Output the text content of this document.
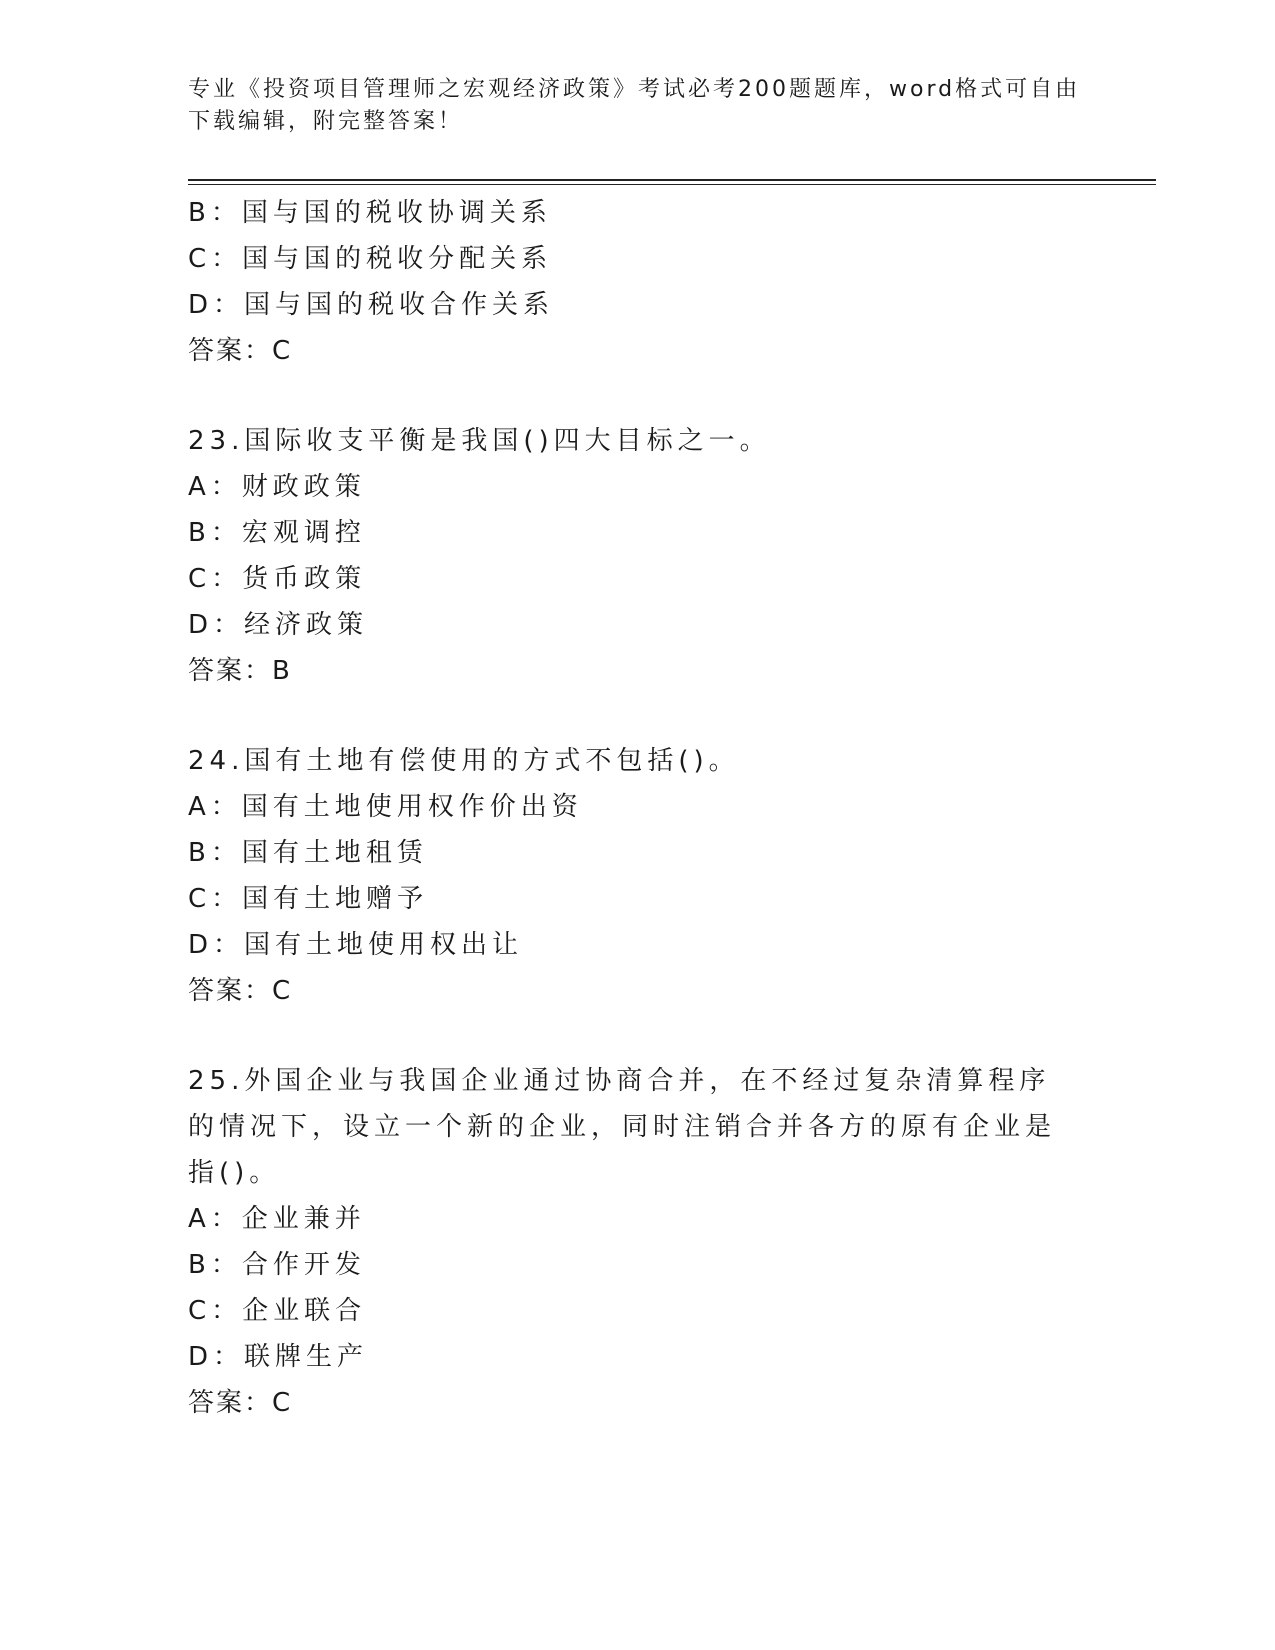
专业《投资项目管理师之宏观经济政策》考试必考200题题库，word格式可自由下载编辑，附完整答案！
B：国与国的税收协调关系
C：国与国的税收分配关系
D：国与国的税收合作关系
答案：C
23.国际收支平衡是我国()四大目标之一。
A：财政政策
B：宏观调控
C：货币政策
D：经济政策
答案：B
24.国有土地有偿使用的方式不包括()。
A：国有土地使用权作价出资
B：国有土地租赁
C：国有土地赠予
D：国有土地使用权出让
答案：C
25.外国企业与我国企业通过协商合并，在不经过复杂清算程序的情况下，设立一个新的企业，同时注销合并各方的原有企业是指()。
A：企业兼并
B：合作开发
C：企业联合
D：联牌生产
答案：C
